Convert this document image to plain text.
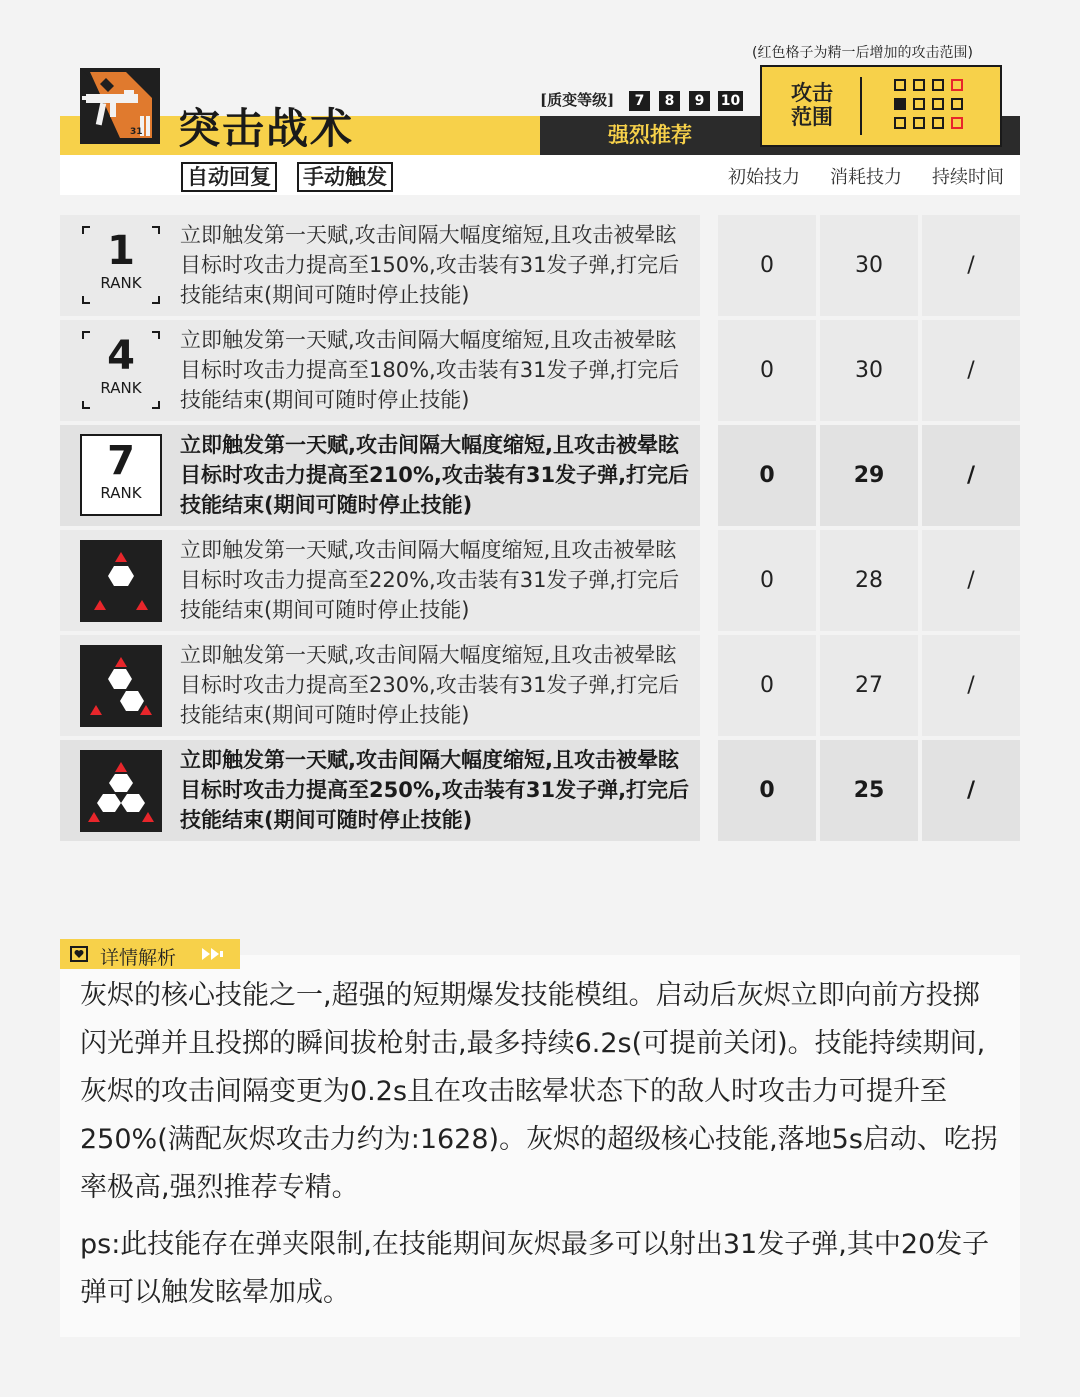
31 突击战术
自动回复 手动触发
[质变等级]	7	8	9	10
强烈推荐
(红色格子为精一后增加的攻击范围)
攻击
范围
初始技力 消耗技力 持续时间
1
RANK
立即触发第一天赋,攻击间隔大幅度缩短,且攻击被晕眩目标时攻击力提高至150%,攻击装有31发子弹,打完后技能结束(期间可随时停止技能)
0	30	/
4
RANK
立即触发第一天赋,攻击间隔大幅度缩短,且攻击被晕眩目标时攻击力提高至180%,攻击装有31发子弹,打完后技能结束(期间可随时停止技能)
0	30	/
7
RANK
立即触发第一天赋,攻击间隔大幅度缩短,且攻击被晕眩目标时攻击力提高至210%,攻击装有31发子弹,打完后技能结束(期间可随时停止技能)
0	29	/
立即触发第一天赋,攻击间隔大幅度缩短,且攻击被晕眩目标时攻击力提高至220%,攻击装有31发子弹,打完后技能结束(期间可随时停止技能)
0	28	/
立即触发第一天赋,攻击间隔大幅度缩短,且攻击被晕眩目标时攻击力提高至230%,攻击装有31发子弹,打完后技能结束(期间可随时停止技能)
0	27	/
立即触发第一天赋,攻击间隔大幅度缩短,且攻击被晕眩目标时攻击力提高至250%,攻击装有31发子弹,打完后技能结束(期间可随时停止技能)
0	25	/
详情解析
灰烬的核心技能之一,超强的短期爆发技能模组。启动后灰烬立即向前方投掷闪光弹并且投掷的瞬间拔枪射击,最多持续6.2s(可提前关闭)。技能持续期间,灰烬的攻击间隔变更为0.2s且在攻击眩晕状态下的敌人时攻击力可提升至250%(满配灰烬攻击力约为:1628)。灰烬的超级核心技能,落地5s启动、吃拐率极高,强烈推荐专精。
ps:此技能存在弹夹限制,在技能期间灰烬最多可以射出31发子弹,其中20发子弹可以触发眩晕加成。
